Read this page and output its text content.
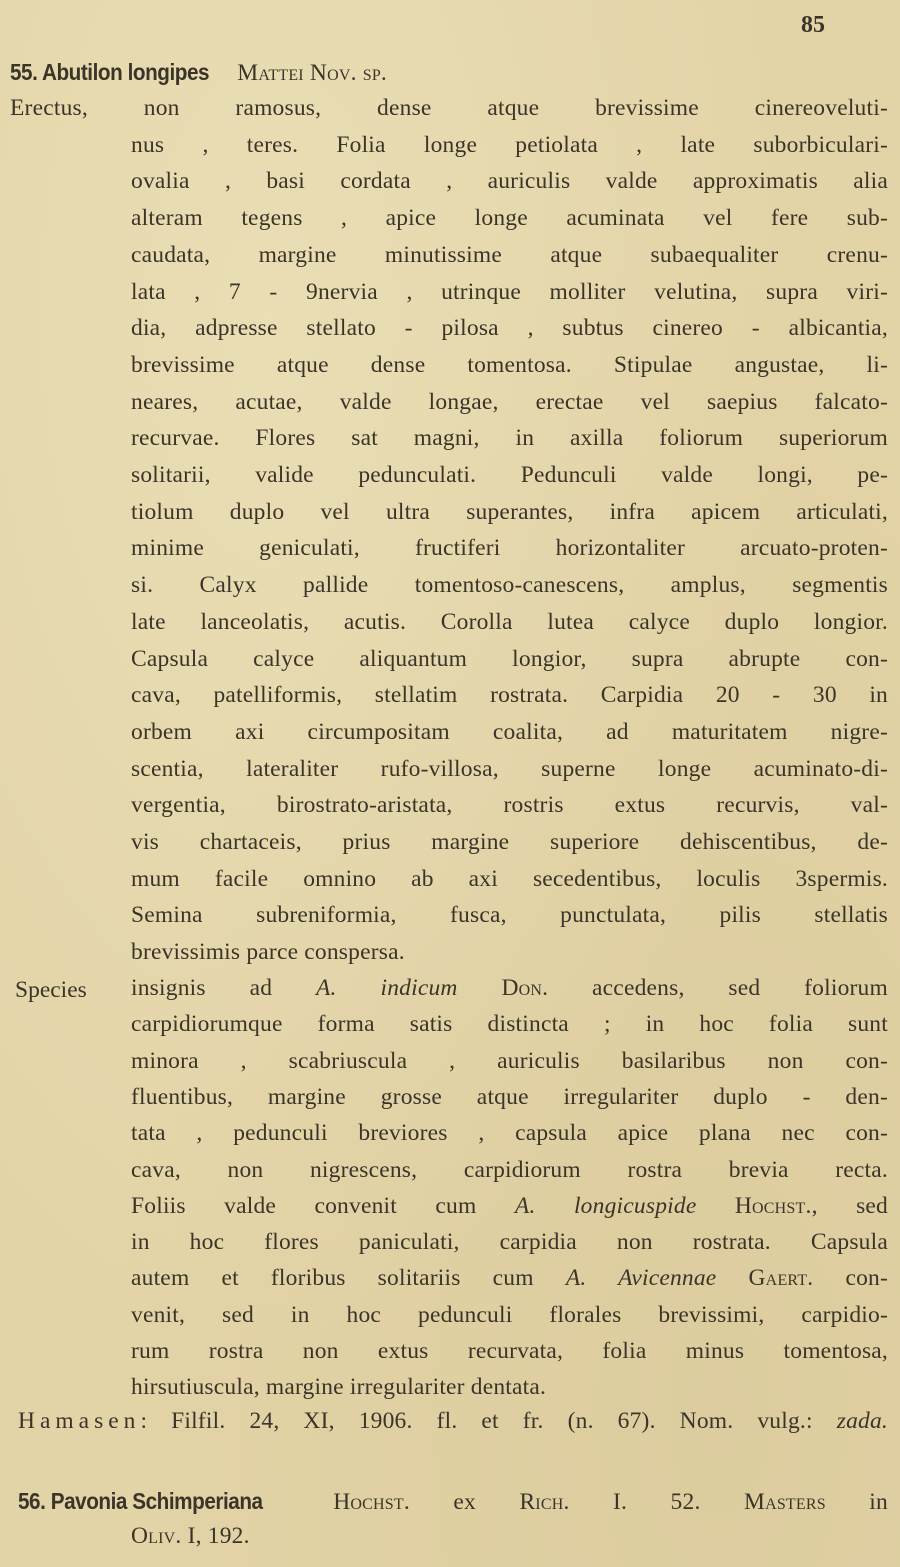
85
55. Abutilon longipes Mattei Nov. sp.
Erectus, non ramosus, dense atque brevissime cinereoveluti-
nus , teres. Folia longe petiolata , late suborbiculari-
ovalia , basi cordata , auriculis valde approximatis alia
alteram tegens , apice longe acuminata vel fere sub-
caudata, margine minutissime atque subaequaliter crenu-
lata , 7 - 9nervia , utrinque molliter velutina, supra viri-
dia, adpresse stellato - pilosa , subtus cinereo - albicantia,
brevissime atque dense tomentosa. Stipulae angustae, li-
neares, acutae, valde longae, erectae vel saepius falcato-
recurvae. Flores sat magni, in axilla foliorum superiorum
solitarii, valide pedunculati. Pedunculi valde longi, pe-
tiolum duplo vel ultra superantes, infra apicem articulati,
minime geniculati, fructiferi horizontaliter arcuato-proten-
si. Calyx pallide tomentoso-canescens, amplus, segmentis
late lanceolatis, acutis. Corolla lutea calyce duplo longior.
Capsula calyce aliquantum longior, supra abrupte con-
cava, patelliformis, stellatim rostrata. Carpidia 20 - 30 in
orbem axi circumpositam coalita, ad maturitatem nigre-
scentia, lateraliter rufo-villosa, superne longe acuminato-di-
vergentia, birostrato-aristata, rostris extus recurvis, val-
vis chartaceis, prius margine superiore dehiscentibus, de-
mum facile omnino ab axi secedentibus, loculis 3spermis.
Semina subreniformia, fusca, punctulata, pilis stellatis
brevissimis parce conspersa.
Species insignis ad A. indicum Don. accedens, sed foliorum
carpidiorumque forma satis distincta ; in hoc folia sunt
minora , scabriuscula , auriculis basilaribus non con-
fluentibus, margine grosse atque irregulariter duplo - den-
tata , pedunculi breviores , capsula apice plana nec con-
cava, non nigrescens, carpidiorum rostra brevia recta.
Foliis valde convenit cum A. longicuspide Hochst., sed
in hoc flores paniculati, carpidia non rostrata. Capsula
autem et floribus solitariis cum A. Avicennae Gaert. con-
venit, sed in hoc pedunculi florales brevissimi, carpidio-
rum rostra non extus recurvata, folia minus tomentosa,
hirsutiuscula, margine irregulariter dentata.
Hamasen: Filfil. 24, XI, 1906. fl. et fr. (n. 67). Nom. vulg.: zada.
56. Pavonia Schimperiana Hochst. ex Rich. I. 52. Masters in
Oliv. I, 192.
